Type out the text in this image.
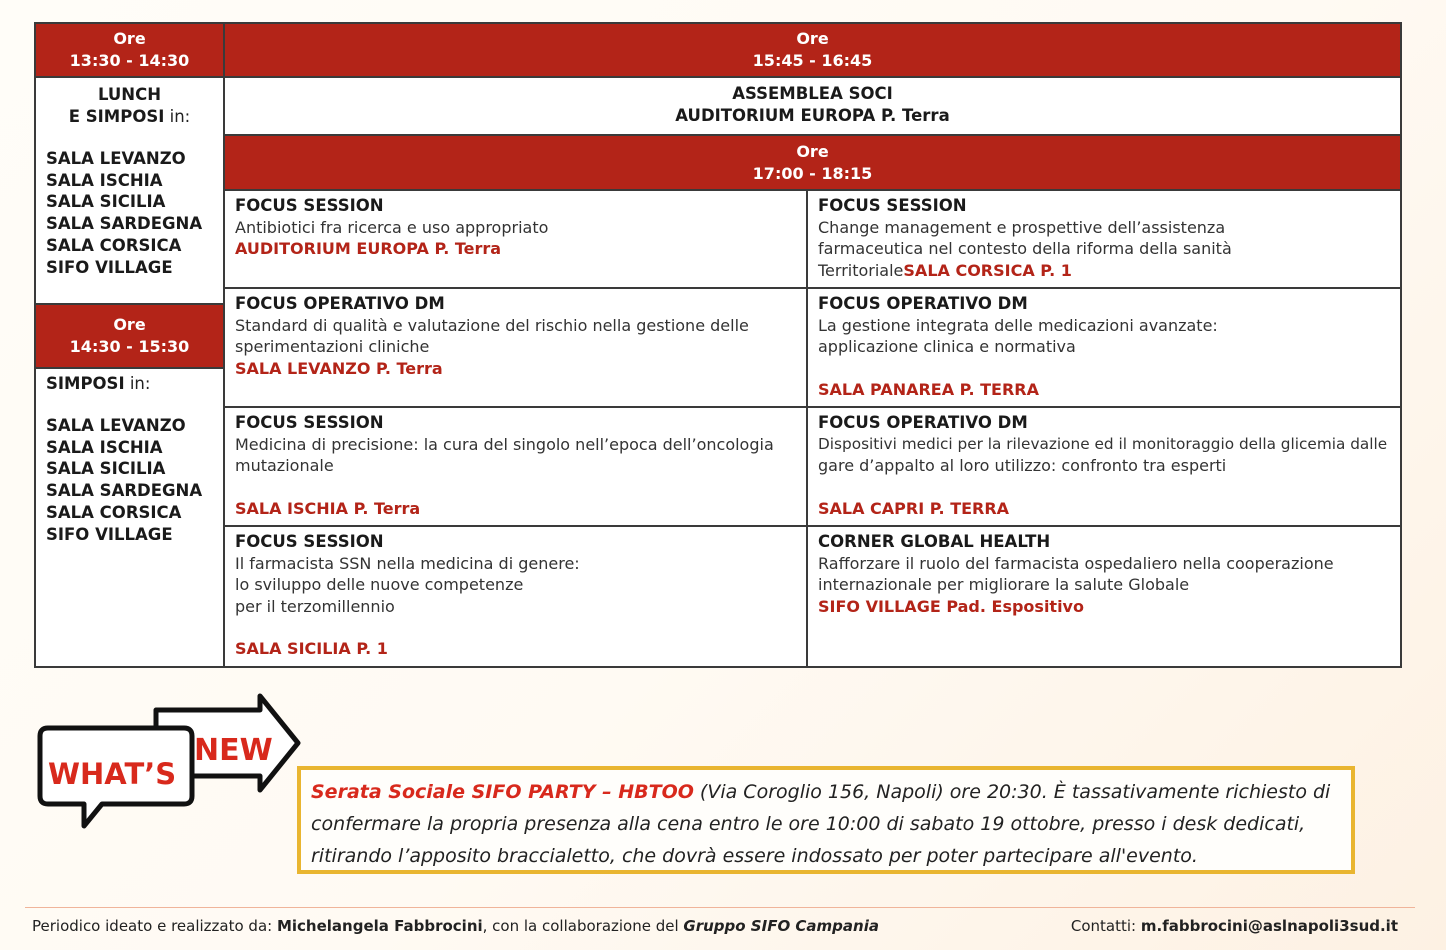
Ore
13:30 - 14:30
Ore
15:45 - 16:45
LUNCH
E SIMPOSI in:
SALA LEVANZO
SALA ISCHIA
SALA SICILIA
SALA SARDEGNA
SALA CORSICA
SIFO VILLAGE
Ore
14:30 - 15:30
SIMPOSI in:
SALA LEVANZO
SALA ISCHIA
SALA SICILIA
SALA SARDEGNA
SALA CORSICA
SIFO VILLAGE
ASSEMBLEA SOCI
AUDITORIUM EUROPA P. Terra
Ore
17:00 - 18:15
FOCUS SESSION
Antibiotici fra ricerca e uso appropriato
AUDITORIUM EUROPA P. Terra
FOCUS SESSION
Change management e prospettive dell’assistenza
farmaceutica nel contesto della riforma della sanità
TerritorialeSALA CORSICA P. 1
FOCUS OPERATIVO DM
Standard di qualità e valutazione del rischio nella gestione delle
sperimentazioni cliniche
SALA LEVANZO P. Terra
FOCUS OPERATIVO DM
La gestione integrata delle medicazioni avanzate:
applicazione clinica e normativa
SALA PANAREA P. TERRA
FOCUS SESSION
Medicina di precisione: la cura del singolo nell’epoca dell’oncologia
mutazionale
SALA ISCHIA P. Terra
FOCUS OPERATIVO DM
Dispositivi medici per la rilevazione ed il monitoraggio della glicemia dalle
gare d’appalto al loro utilizzo: confronto tra esperti
SALA CAPRI P. TERRA
FOCUS SESSION
Il farmacista SSN nella medicina di genere:
lo sviluppo delle nuove competenze
per il terzomillennio
SALA SICILIA P. 1
CORNER GLOBAL HEALTH
Rafforzare il ruolo del farmacista ospedaliero nella cooperazione
internazionale per migliorare la salute Globale
SIFO VILLAGE Pad. Espositivo
NEW
WHAT’S
Serata Sociale SIFO PARTY – HBTOO (Via Coroglio 156, Napoli) ore 20:30. È tassativamente richiesto di confermare la propria presenza alla cena entro le ore 10:00 di sabato 19 ottobre, presso i desk dedicati, ritirando l’apposito braccialetto, che dovrà essere indossato per poter partecipare all'evento.
Periodico ideato e realizzato da: Michelangela Fabbrocini, con la collaborazione del Gruppo SIFO Campania	Contatti: m.fabbrocini@aslnapoli3sud.it
